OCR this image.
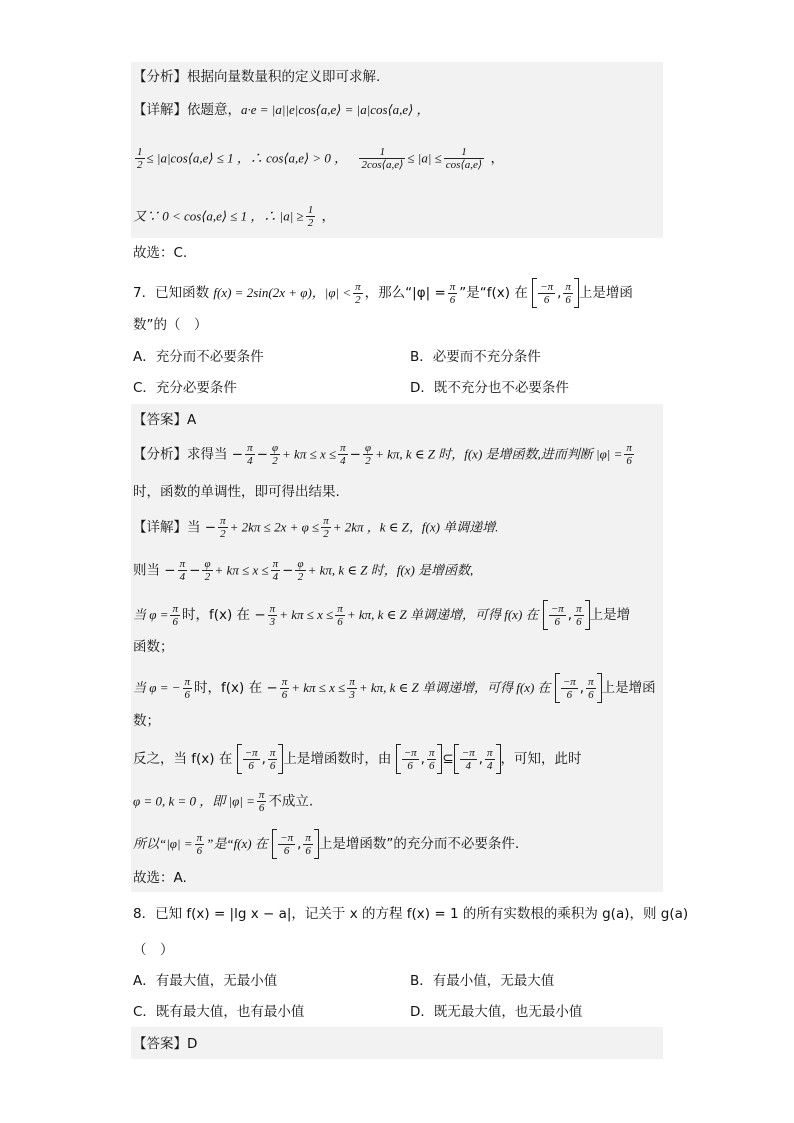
【分析】根据向量数量积的定义即可求解.
【详解】依题意，a·e = |a||e|cos⟨a,e⟩ = |a|cos⟨a,e⟩ ，
$\frac{1}{2}$ ≤ |a|cos⟨a,e⟩ ≤ 1 ，∴ cos⟨a,e⟩ > 0 ， $\frac{1}{2\cos⟨a,e⟩} \le |a| \le \frac{1}{\cos⟨a,e⟩}$ ，
又∵ 0 < cos⟨a,e⟩ ≤ 1 ，∴ $|a| \ge \frac{1}{2}$ ，
故选：C.
7．已知函数 f(x) = 2sin(2x + φ)，$|\varphi| < \frac{\pi}{2}$ ，那么“$|\varphi| = \frac{\pi}{6}$ ”是“f(x) 在 $\frac{-\pi}{6}$ , $\frac{\pi}{6}$ 上是增函
数”的（　）
A．充分而不必要条件	B．必要而不充分条件
C．充分必要条件	D．既不充分也不必要条件
【答案】A
【分析】求得当 − $\frac{\pi}{4} - \frac{\varphi}{2} + k\pi \le x \le \frac{\pi}{4} - \frac{\varphi}{2} + k\pi$, k ∈ Z 时，f(x) 是增函数,进而判断 $|\varphi| = \frac{\pi}{6}$
时，函数的单调性，即可得出结果.
【详解】当 − $\frac{\pi}{2} + 2k\pi \le 2x + \varphi \le \frac{\pi}{2} + 2k\pi$ ，k ∈ Z，f(x) 单调递增.
则当 − $\frac{\pi}{4} - \frac{\varphi}{2} + k\pi \le x \le \frac{\pi}{4} - \frac{\varphi}{2} + k\pi$, k ∈ Z 时，f(x) 是增函数,
当 $\varphi = \frac{\pi}{6}$ 时，f(x) 在 − $\frac{\pi}{3} + k\pi \le x \le \frac{\pi}{6} + k\pi$, k ∈ Z 单调递增，可得 f(x) 在 $\frac{-\pi}{6}$ , $\frac{\pi}{6}$ 上是增
函数；
当 φ = − $\frac{\pi}{6}$ 时，f(x) 在 − $\frac{\pi}{6} + k\pi \le x \le \frac{\pi}{3} + k\pi$, k ∈ Z 单调递增，可得 f(x) 在 $\frac{-\pi}{6}$ , $\frac{\pi}{6}$ 上是增函
数；
反之，当 f(x) 在 $\frac{-\pi}{6}$ , $\frac{\pi}{6}$ 上是增函数时，由 $\frac{-\pi}{6}$ , $\frac{\pi}{6}$ ⊆ $\frac{-\pi}{4}$ , $\frac{\pi}{4}$ ，可知，此时
φ = 0, k = 0 ，即 $|\varphi| = \frac{\pi}{6}$ 不成立.
所以“$|\varphi| = \frac{\pi}{6}$ ”是“f(x) 在 $\frac{-\pi}{6}$ , $\frac{\pi}{6}$ 上是增函数”的充分而不必要条件.
故选：A.
8．已知 f(x) = |lg x − a|，记关于 x 的方程 f(x) = 1 的所有实数根的乘积为 g(a)，则 g(a)
（　）
A．有最大值，无最小值	B．有最小值，无最大值
C．既有最大值，也有最小值	D．既无最大值，也无最小值
【答案】D
